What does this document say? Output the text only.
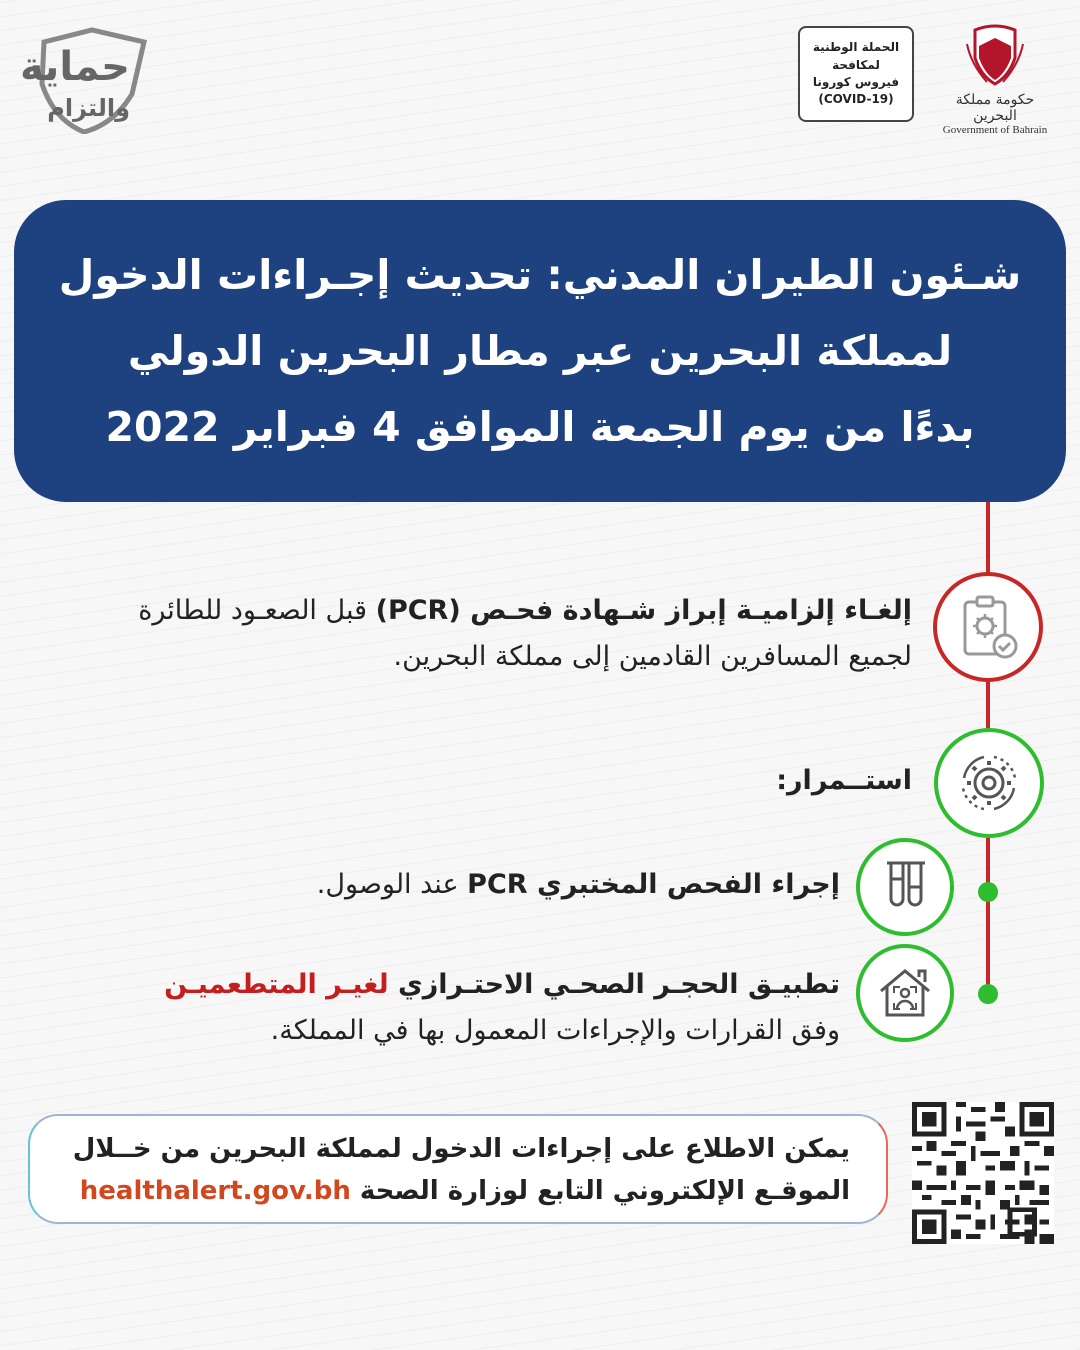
حماية
والتزام
الحملة الوطنية
لمكافحة
فيروس كورونا
(COVID-19)	حكومة مملكة البحرين
Government of Bahrain
شـئون الطيران المدني: تحديث إجـراءات الدخول
لمملكة البحرين عبر مطار البحرين الدولي
بدءًا من يوم الجمعة الموافق 4 فبراير 2022
إلغـاء إلزاميـة إبراز شـهادة فحـص (PCR) قبل الصعـود للطائرة
لجميع المسافرين القادمين إلى مملكة البحرين.
استــمرار:
إجراء الفحص المختبري PCR عند الوصول.
تطبيـق الحجـر الصحـي الاحتـرازي لغيـر المتطعميـن
وفق القرارات والإجراءات المعمول بها في المملكة.
يمكن الاطلاع على إجراءات الدخول لمملكة البحرين من خــلال
الموقـع الإلكتروني التابع لوزارة الصحة healthalert.gov.bh
